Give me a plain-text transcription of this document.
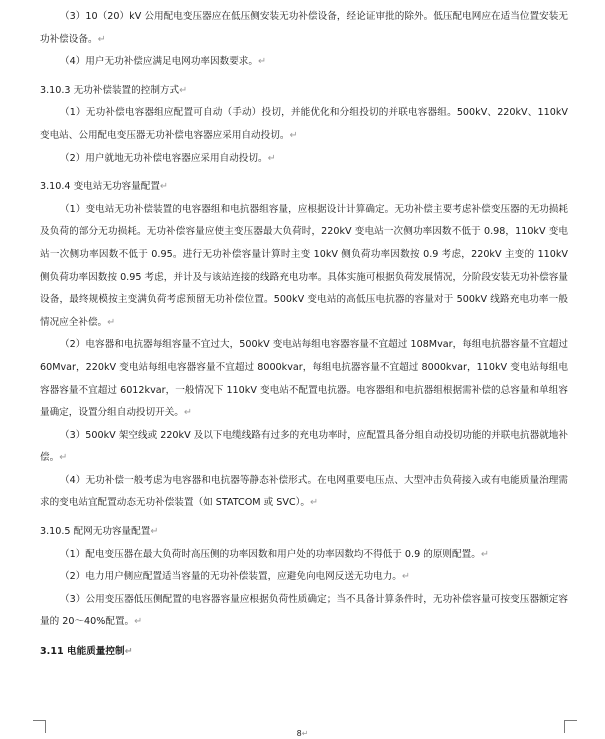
（3）10（20）kV 公用配电变压器应在低压侧安装无功补偿设备，经论证审批的除外。低压配电网应在适当位置安装无功补偿设备。↵

（4）用户无功补偿应满足电网功率因数要求。↵

3.10.3 无功补偿装置的控制方式↵

（1）无功补偿电容器组应配置可自动（手动）投切，并能优化和分组投切的并联电容器组。500kV、220kV、110kV 变电站、公用配电变压器无功补偿电容器应采用自动投切。↵

（2）用户就地无功补偿电容器应采用自动投切。↵

3.10.4 变电站无功容量配置↵

（1）变电站无功补偿装置的电容器组和电抗器组容量，应根据设计计算确定。无功补偿主要考虑补偿变压器的无功损耗及负荷的部分无功损耗。无功补偿容量应使主变压器最大负荷时，220kV 变电站一次侧功率因数不低于 0.98，110kV 变电站一次侧功率因数不低于 0.95。进行无功补偿容量计算时主变 10kV 侧负荷功率因数按 0.9 考虑，220kV 主变的 110kV 侧负荷功率因数按 0.95 考虑，并计及与该站连接的线路充电功率。具体实施可根据负荷发展情况，分阶段安装无功补偿容量设备，最终规模按主变满负荷考虑预留无功补偿位置。500kV 变电站的高低压电抗器的容量对于 500kV 线路充电功率一般情况应全补偿。↵

（2）电容器和电抗器每组容量不宜过大，500kV 变电站每组电容器容量不宜超过 108Mvar，每组电抗器容量不宜超过 60Mvar，220kV 变电站每组电容器容量不宜超过 8000kvar，每组电抗器容量不宜超过 8000kvar，110kV 变电站每组电容器容量不宜超过 6012kvar，一般情况下 110kV 变电站不配置电抗器。电容器组和电抗器组根据需补偿的总容量和单组容量确定，设置分组自动投切开关。↵

（3）500kV 架空线或 220kV 及以下电缆线路有过多的充电功率时，应配置具备分组自动投切功能的并联电抗器就地补偿。↵

（4）无功补偿一般考虑为电容器和电抗器等静态补偿形式。在电网重要电压点、大型冲击负荷接入或有电能质量治理需求的变电站宜配置动态无功补偿装置（如 STATCOM 或 SVC）。↵

3.10.5 配网无功容量配置↵

（1）配电变压器在最大负荷时高压侧的功率因数和用户处的功率因数均不得低于 0.9 的原则配置。↵

（2）电力用户侧应配置适当容量的无功补偿装置，应避免向电网反送无功电力。↵

（3）公用变压器低压侧配置的电容器容量应根据负荷性质确定；当不具备计算条件时，无功补偿容量可按变压器额定容量的 20～40%配置。↵

3.11 电能质量控制↵

8↵
